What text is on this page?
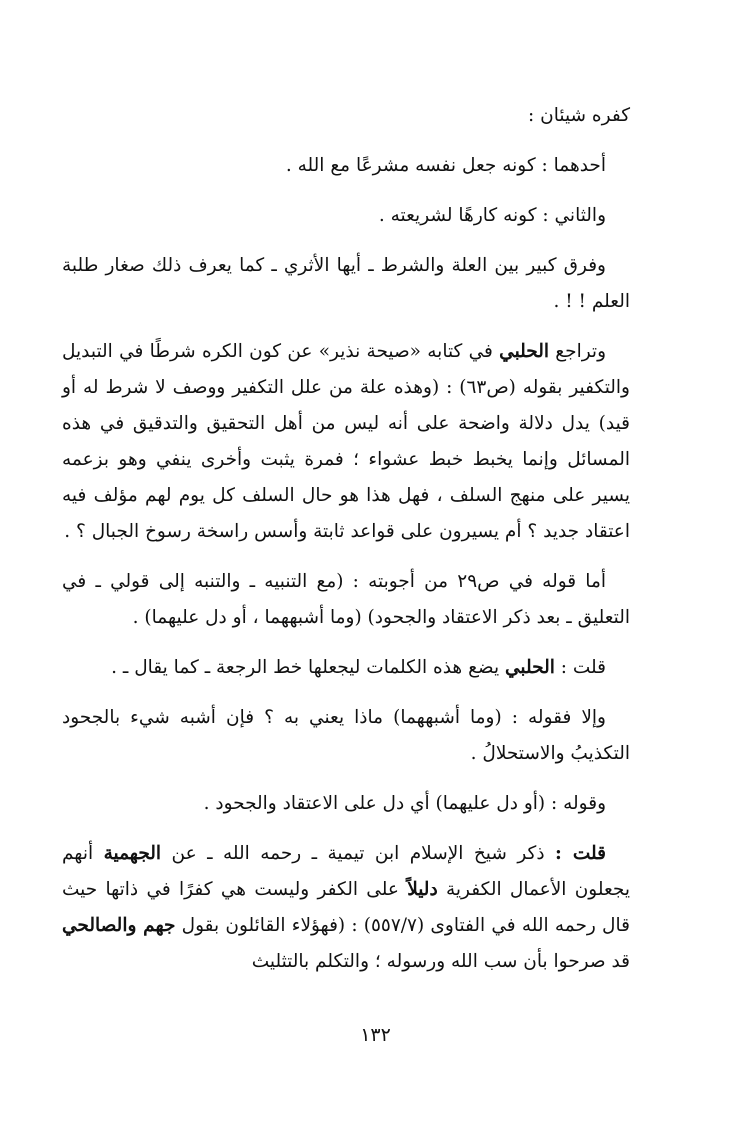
كفره شيئان :

أحدهما : كونه جعل نفسه مشرعًا مع الله .

والثاني : كونه كارهًا لشريعته .

وفرق كبير بين العلة والشرط ـ أيها الأثري ـ كما يعرف ذلك صغار طلبة العلم ! ! .

وتراجع الحلبي في كتابه «صيحة نذير» عن كون الكره شرطًا في التبديل والتكفير بقوله (ص٦٣) : (وهذه علة من علل التكفير ووصف لا شرط له أو قيد) يدل دلالة واضحة على أنه ليس من أهل التحقيق والتدقيق في هذه المسائل وإنما يخبط خبط عشواء ؛ فمرة يثبت وأخرى ينفي وهو بزعمه يسير على منهج السلف ، فهل هذا هو حال السلف كل يوم لهم مؤلف فيه اعتقاد جديد ؟ أم يسيرون على قواعد ثابتة وأسس راسخة رسوخ الجبال ؟ .

أما قوله في ص٢٩ من أجوبته : (مع التنبيه ـ والتنبه إلى قولي ـ في التعليق ـ بعد ذكر الاعتقاد والجحود) (وما أشبههما ، أو دل عليهما) .

قلت : الحلبي يضع هذه الكلمات ليجعلها خط الرجعة ـ كما يقال ـ .

وإلا فقوله : (وما أشبههما) ماذا يعني به ؟ فإن أشبه شيء بالجحود التكذيبُ والاستحلالُ .

وقوله : (أو دل عليهما) أي دل على الاعتقاد والجحود .

قلت : ذكر شيخ الإسلام ابن تيمية ـ رحمه الله ـ عن الجهمية أنهم يجعلون الأعمال الكفرية دليلاً على الكفر وليست هي كفرًا في ذاتها حيث قال رحمه الله في الفتاوى (٥٥٧/٧) : (فهؤلاء القائلون بقول جهم والصالحي قد صرحوا بأن سب الله ورسوله ؛ والتكلم بالتثليث

١٣٢
